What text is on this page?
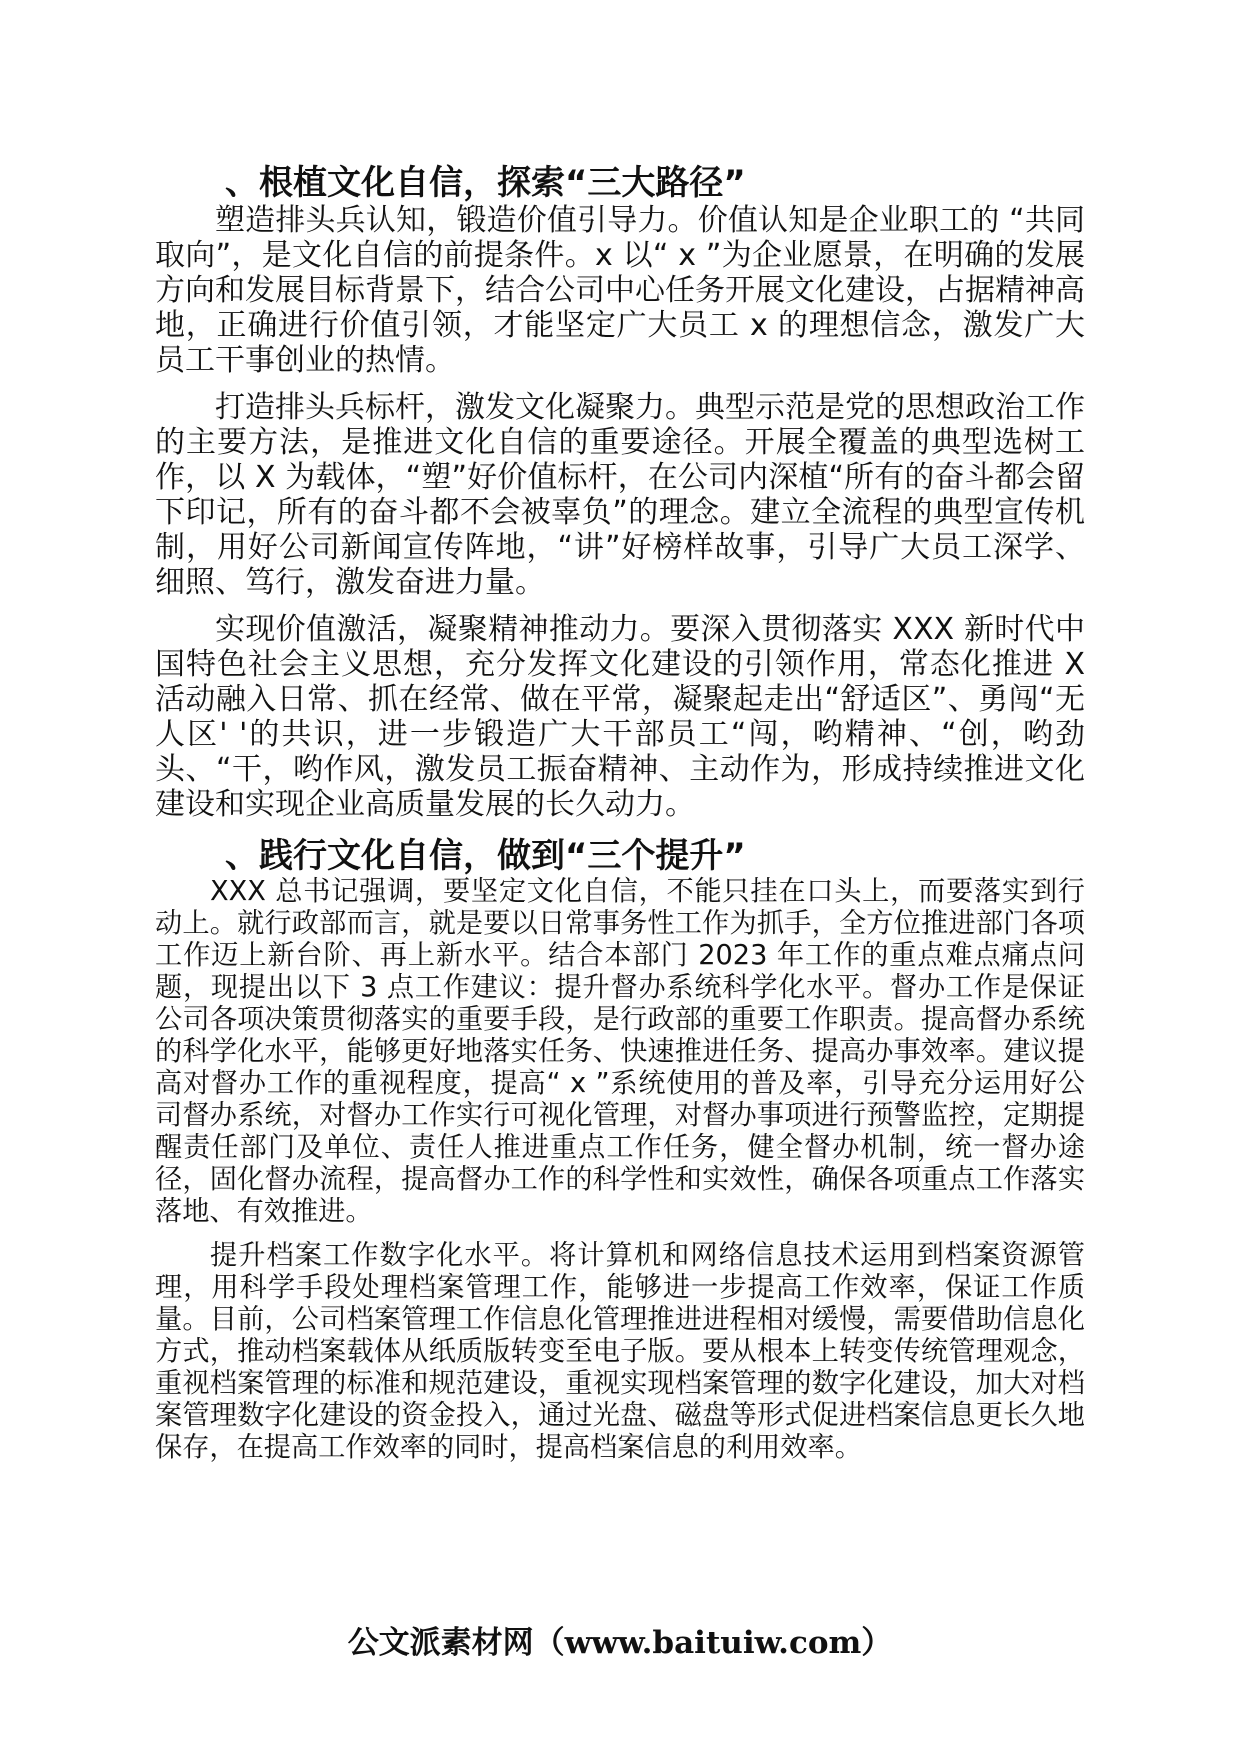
、根植文化自信，探索“三大路径”

塑造排头兵认知，锻造价值引导力。价值认知是企业职工的 “共同取向”，是文化自信的前提条件。x 以“ x ”为企业愿景，在明确的发展方向和发展目标背景下，结合公司中心任务开展文化建设，占据精神高地，正确进行价值引领，才能坚定广大员工 x 的理想信念，激发广大员工干事创业的热情。

打造排头兵标杆，激发文化凝聚力。典型示范是党的思想政治工作的主要方法，是推进文化自信的重要途径。开展全覆盖的典型选树工作，以 X 为载体，“塑”好价值标杆，在公司内深植“所有的奋斗都会留下印记，所有的奋斗都不会被辜负”的理念。建立全流程的典型宣传机制，用好公司新闻宣传阵地，“讲”好榜样故事，引导广大员工深学、细照、笃行，激发奋进力量。

实现价值激活，凝聚精神推动力。要深入贯彻落实 XXX 新时代中国特色社会主义思想，充分发挥文化建设的引领作用，常态化推进 X 活动融入日常、抓在经常、做在平常，凝聚起走出“舒适区”、勇闯“无人区' '的共识，进一步锻造广大干部员工“闯，哟精神、“创，哟劲头、“干，哟作风，激发员工振奋精神、主动作为，形成持续推进文化建设和实现企业高质量发展的长久动力。

、践行文化自信，做到“三个提升”

XXX 总书记强调，要坚定文化自信，不能只挂在口头上，而要落实到行动上。就行政部而言，就是要以日常事务性工作为抓手，全方位推进部门各项工作迈上新台阶、再上新水平。结合本部门 2023 年工作的重点难点痛点问题，现提出以下 3 点工作建议：提升督办系统科学化水平。督办工作是保证公司各项决策贯彻落实的重要手段，是行政部的重要工作职责。提高督办系统的科学化水平，能够更好地落实任务、快速推进任务、提高办事效率。建议提高对督办工作的重视程度，提高“ x ”系统使用的普及率，引导充分运用好公司督办系统，对督办工作实行可视化管理，对督办事项进行预警监控，定期提醒责任部门及单位、责任人推进重点工作任务，健全督办机制，统一督办途径，固化督办流程，提高督办工作的科学性和实效性，确保各项重点工作落实落地、有效推进。

提升档案工作数字化水平。将计算机和网络信息技术运用到档案资源管理，用科学手段处理档案管理工作，能够进一步提高工作效率，保证工作质量。目前，公司档案管理工作信息化管理推进进程相对缓慢，需要借助信息化方式，推动档案载体从纸质版转变至电子版。要从根本上转变传统管理观念，重视档案管理的标准和规范建设，重视实现档案管理的数字化建设，加大对档案管理数字化建设的资金投入，通过光盘、磁盘等形式促进档案信息更长久地保存，在提高工作效率的同时，提高档案信息的利用效率。

公文派素材网（www.baituiw.com）
